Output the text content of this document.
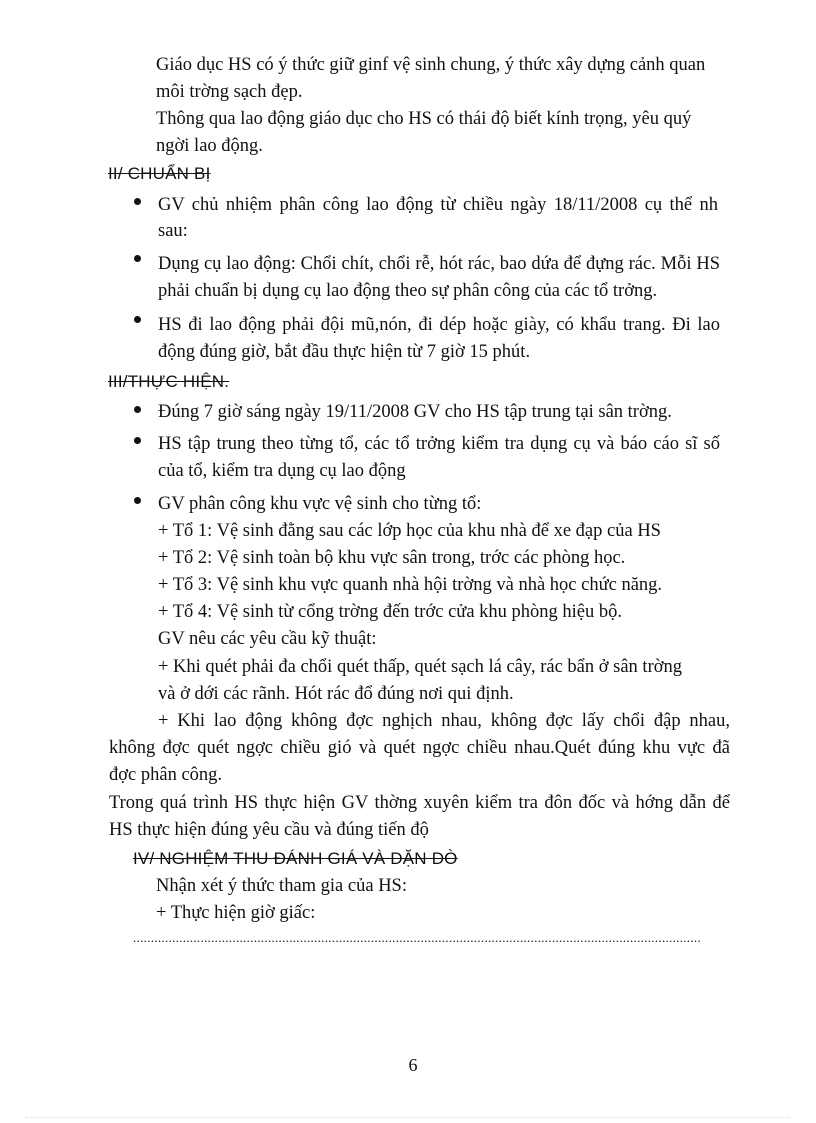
Giáo dục HS có ý thức giữ ginf vệ sinh chung, ý thức xây dựng cảnh quan
môi trờng sạch đẹp.
Thông qua lao động giáo dục cho HS có thái độ biết kính trọng, yêu quý
ngời lao động.
II/ CHUẨN BỊ
GV chủ nhiệm phân công lao động từ chiều ngày 18/11/2008 cụ thể nh
sau:
Dụng cụ lao động: Chổi chít, chổi rễ, hót rác, bao dứa để đựng rác. Mỗi HS
phải chuẩn bị dụng cụ lao động theo sự phân công của các tổ trởng.
HS đi lao động phải đội mũ,nón, đi dép hoặc giày, có khẩu trang. Đi lao
động đúng giờ, bắt đầu thực hiện từ 7 giờ 15 phút.
III/THỰC HIỆN.
Đúng 7 giờ sáng ngày 19/11/2008 GV cho HS tập trung tại sân trờng.
HS tập trung theo từng tổ, các tổ trởng kiểm tra dụng cụ và báo cáo sĩ số
của tổ, kiểm tra dụng cụ lao động
GV phân công khu vực vệ sinh cho từng tổ:
+ Tổ 1: Vệ sinh đằng sau các lớp học của khu nhà để xe đạp của HS
+ Tổ 2: Vệ sinh toàn bộ khu vực sân trong, trớc các phòng học.
+ Tổ 3: Vệ sinh khu vực quanh nhà hội trờng và nhà học chức năng.
+ Tổ 4: Vệ sinh từ cổng trờng đến trớc cửa khu phòng hiệu bộ.
GV nêu các yêu cầu kỹ thuật:
+ Khi quét phải đa chổi quét thấp, quét sạch lá cây, rác bẩn ở sân trờng
và ở dới các rãnh. Hót rác đổ đúng nơi qui định.
+ Khi lao động không đợc nghịch nhau, không đợc lấy chổi đập nhau,
không đợc quét ngợc chiều gió và quét ngợc chiều nhau.Quét đúng khu vực đã
đợc phân công.
Trong quá trình HS thực hiện GV thờng xuyên kiểm tra đôn đốc và hớng dẫn để
HS thực hiện đúng yêu cầu và đúng tiến độ
IV/ NGHIỆM THU ĐÁNH GIÁ VÀ DẶN DÒ
Nhận xét ý thức tham gia của HS:
+ Thực hiện giờ giấc:
................................................................................................................................................................
6
